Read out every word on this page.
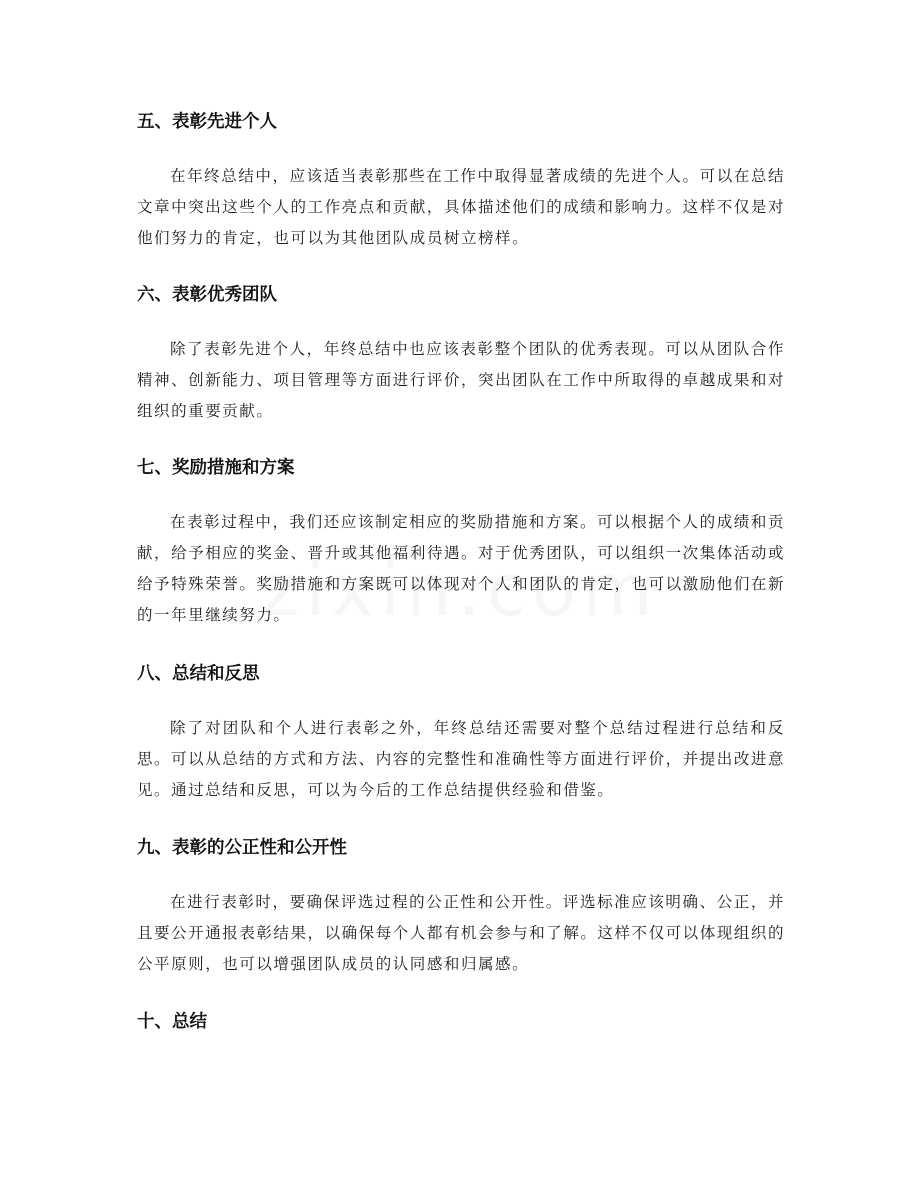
五、表彰先进个人

在年终总结中，应该适当表彰那些在工作中取得显著成绩的先进个人。可以在总结文章中突出这些个人的工作亮点和贡献，具体描述他们的成绩和影响力。这样不仅是对他们努力的肯定，也可以为其他团队成员树立榜样。

六、表彰优秀团队

除了表彰先进个人，年终总结中也应该表彰整个团队的优秀表现。可以从团队合作精神、创新能力、项目管理等方面进行评价，突出团队在工作中所取得的卓越成果和对组织的重要贡献。

七、奖励措施和方案

在表彰过程中，我们还应该制定相应的奖励措施和方案。可以根据个人的成绩和贡献，给予相应的奖金、晋升或其他福利待遇。对于优秀团队，可以组织一次集体活动或给予特殊荣誉。奖励措施和方案既可以体现对个人和团队的肯定，也可以激励他们在新的一年里继续努力。

八、总结和反思

除了对团队和个人进行表彰之外，年终总结还需要对整个总结过程进行总结和反思。可以从总结的方式和方法、内容的完整性和准确性等方面进行评价，并提出改进意见。通过总结和反思，可以为今后的工作总结提供经验和借鉴。

九、表彰的公正性和公开性

在进行表彰时，要确保评选过程的公正性和公开性。评选标准应该明确、公正，并且要公开通报表彰结果，以确保每个人都有机会参与和了解。这样不仅可以体现组织的公平原则，也可以增强团队成员的认同感和归属感。

十、总结
